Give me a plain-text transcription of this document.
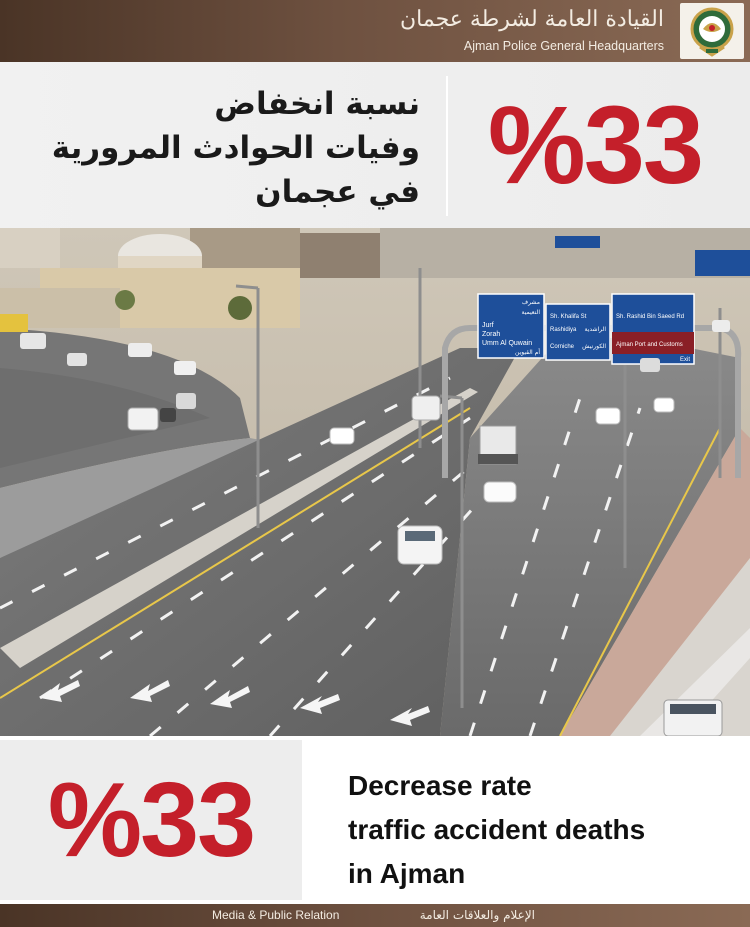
القيادة العامة لشرطة عجمان
Ajman Police General Headquarters
نسبة انخفاض
وفيات الحوادث المرورية
في عجمان %33
مشرف
النعيمية
Jurf
Zorah
Umm Al Quwain
أم القيوين
Sh. Khalifa St
Rashidiya الراشدية
Corniche الكورنيش
Sh. Rashid Bin Saeed Rd
Ajman Port and Customs
Exit
%33	Decrease rate
traffic accident deaths
in Ajman
Media & Public Relation	الإعلام والعلاقات العامة
